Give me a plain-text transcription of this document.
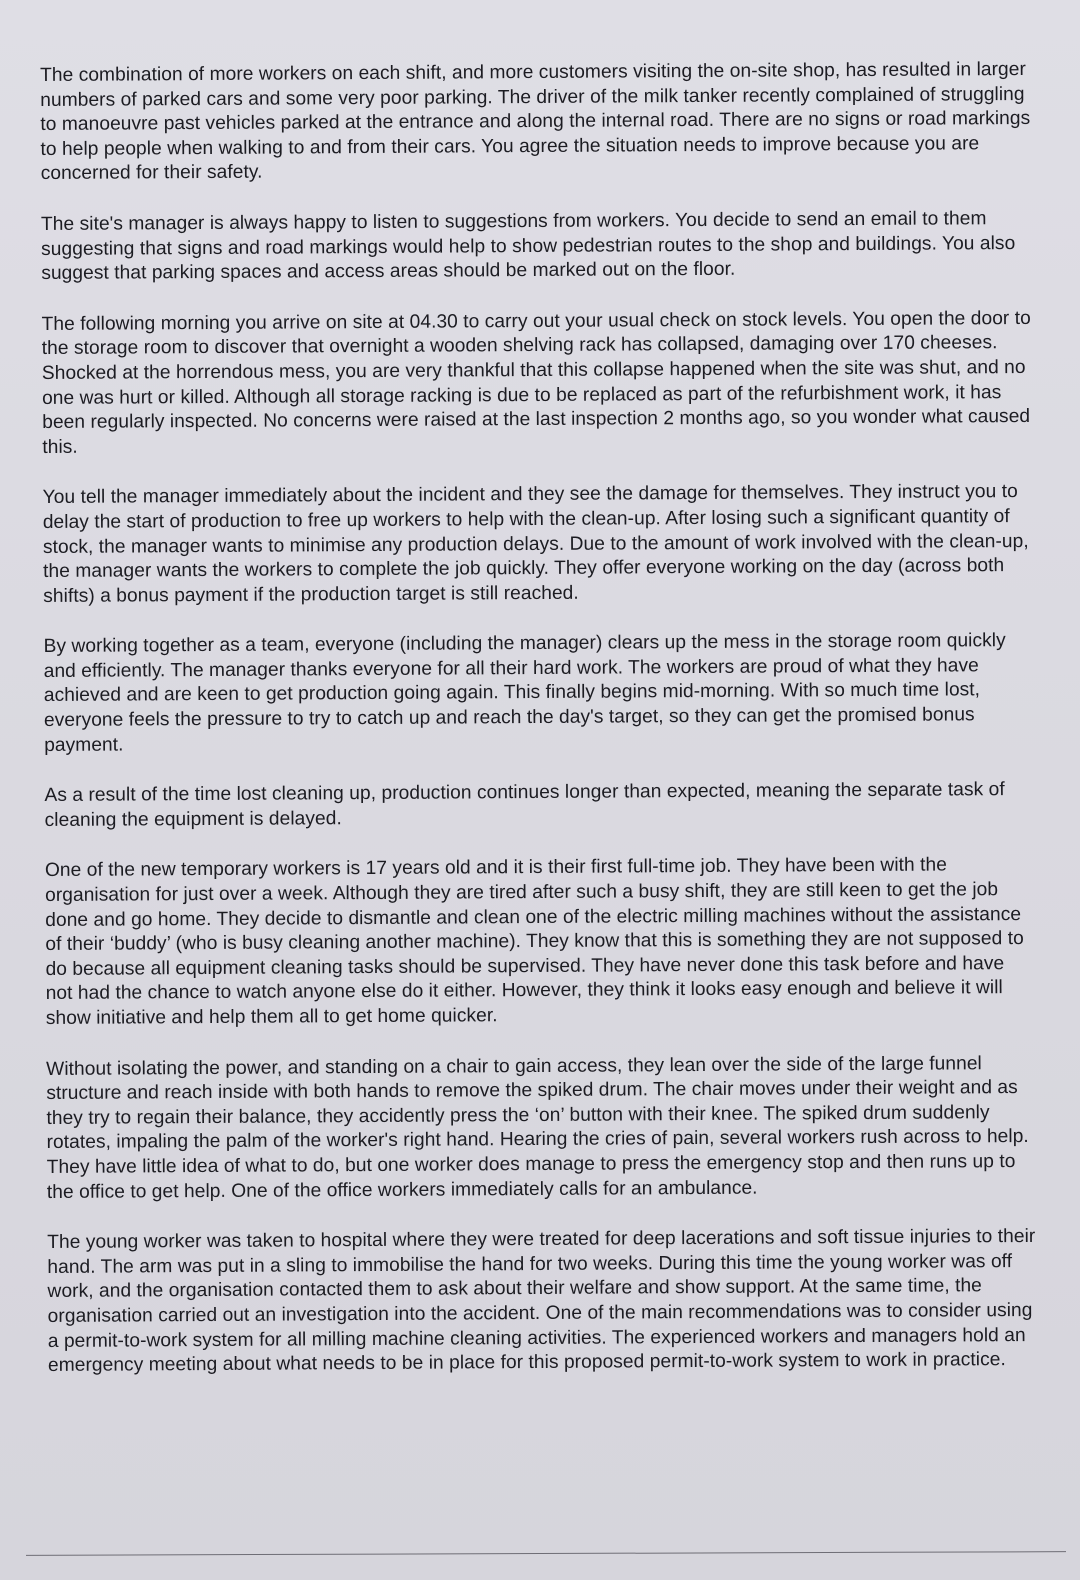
The combination of more workers on each shift, and more customers visiting the on-site shop, has resulted in larger numbers of parked cars and some very poor parking. The driver of the milk tanker recently complained of struggling to manoeuvre past vehicles parked at the entrance and along the internal road. There are no signs or road markings to help people when walking to and from their cars. You agree the situation needs to improve because you are concerned for their safety.

The site's manager is always happy to listen to suggestions from workers. You decide to send an email to them suggesting that signs and road markings would help to show pedestrian routes to the shop and buildings. You also suggest that parking spaces and access areas should be marked out on the floor.

The following morning you arrive on site at 04.30 to carry out your usual check on stock levels. You open the door to the storage room to discover that overnight a wooden shelving rack has collapsed, damaging over 170 cheeses. Shocked at the horrendous mess, you are very thankful that this collapse happened when the site was shut, and no one was hurt or killed. Although all storage racking is due to be replaced as part of the refurbishment work, it has been regularly inspected. No concerns were raised at the last inspection 2 months ago, so you wonder what caused this.

You tell the manager immediately about the incident and they see the damage for themselves. They instruct you to delay the start of production to free up workers to help with the clean-up. After losing such a significant quantity of stock, the manager wants to minimise any production delays. Due to the amount of work involved with the clean-up, the manager wants the workers to complete the job quickly. They offer everyone working on the day (across both shifts) a bonus payment if the production target is still reached.

By working together as a team, everyone (including the manager) clears up the mess in the storage room quickly and efficiently. The manager thanks everyone for all their hard work. The workers are proud of what they have achieved and are keen to get production going again. This finally begins mid-morning. With so much time lost, everyone feels the pressure to try to catch up and reach the day's target, so they can get the promised bonus payment.

As a result of the time lost cleaning up, production continues longer than expected, meaning the separate task of cleaning the equipment is delayed.

One of the new temporary workers is 17 years old and it is their first full-time job. They have been with the organisation for just over a week. Although they are tired after such a busy shift, they are still keen to get the job done and go home. They decide to dismantle and clean one of the electric milling machines without the assistance of their ‘buddy’ (who is busy cleaning another machine). They know that this is something they are not supposed to do because all equipment cleaning tasks should be supervised. They have never done this task before and have not had the chance to watch anyone else do it either. However, they think it looks easy enough and believe it will show initiative and help them all to get home quicker.

Without isolating the power, and standing on a chair to gain access, they lean over the side of the large funnel structure and reach inside with both hands to remove the spiked drum. The chair moves under their weight and as they try to regain their balance, they accidently press the ‘on’ button with their knee. The spiked drum suddenly rotates, impaling the palm of the worker's right hand. Hearing the cries of pain, several workers rush across to help. They have little idea of what to do, but one worker does manage to press the emergency stop and then runs up to the office to get help. One of the office workers immediately calls for an ambulance.

The young worker was taken to hospital where they were treated for deep lacerations and soft tissue injuries to their hand. The arm was put in a sling to immobilise the hand for two weeks. During this time the young worker was off work, and the organisation contacted them to ask about their welfare and show support. At the same time, the organisation carried out an investigation into the accident. One of the main recommendations was to consider using a permit-to-work system for all milling machine cleaning activities. The experienced workers and managers hold an emergency meeting about what needs to be in place for this proposed permit-to-work system to work in practice.
